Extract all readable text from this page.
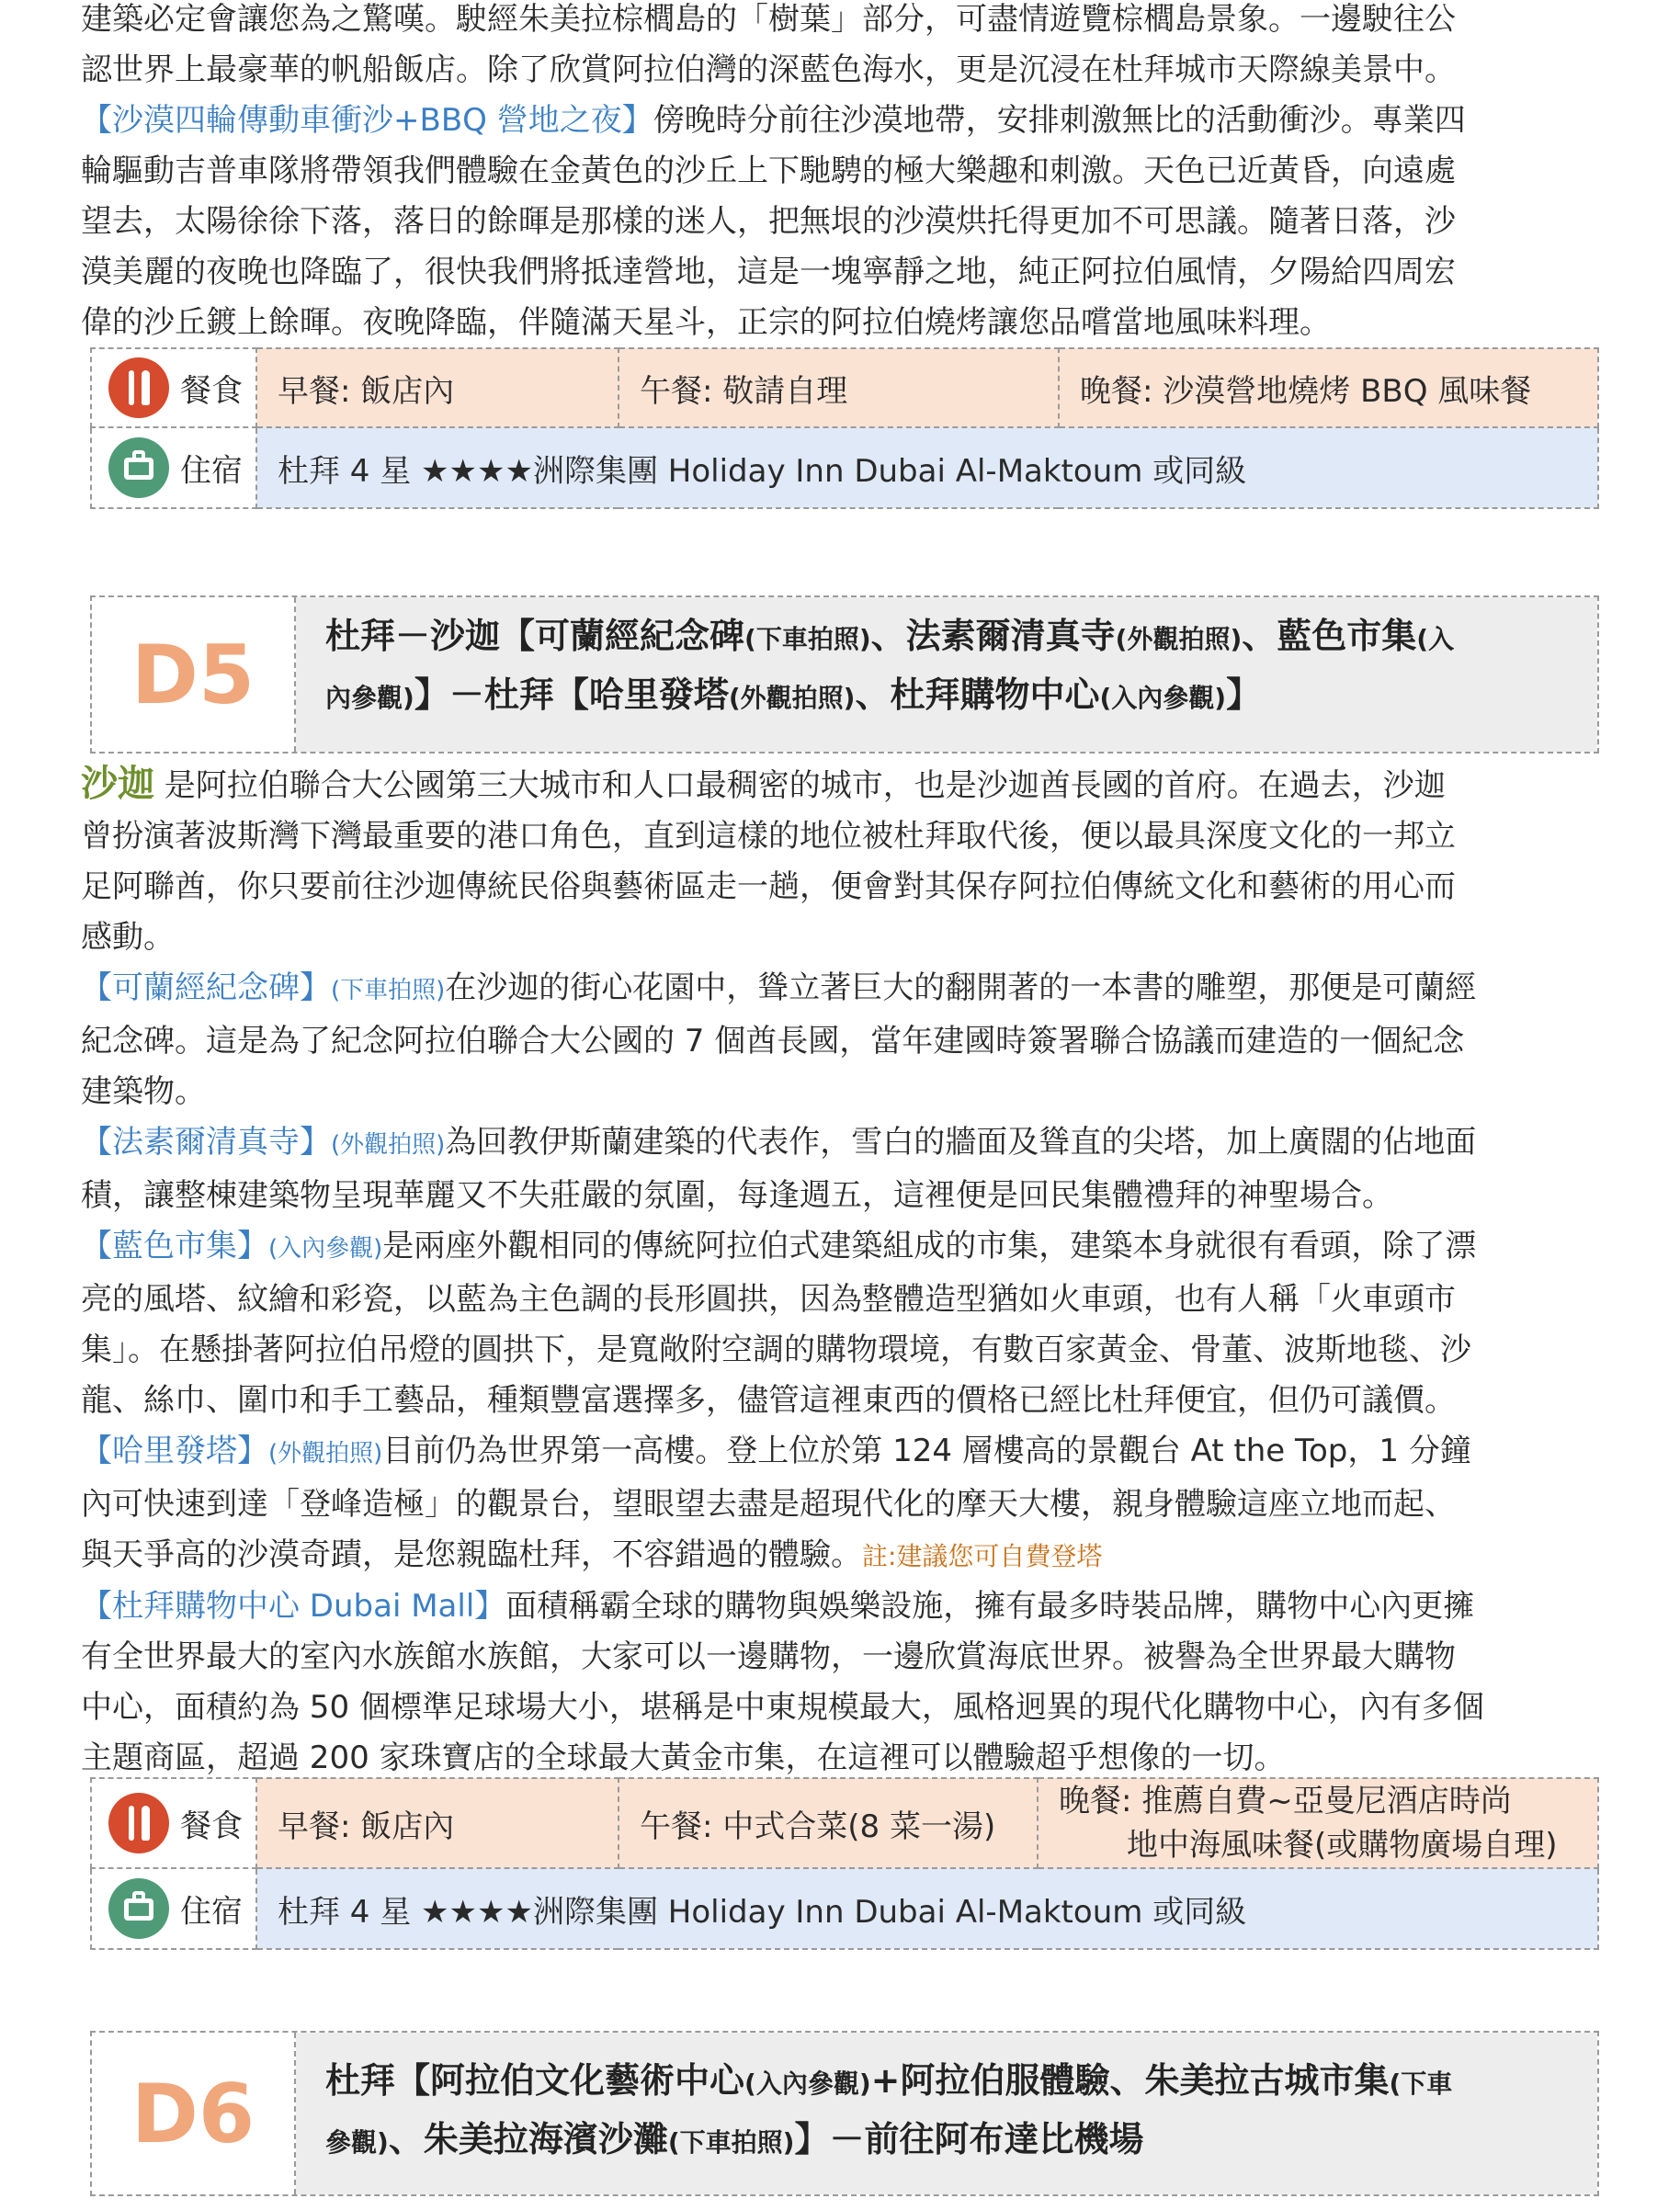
建築必定會讓您為之驚嘆。駛經朱美拉棕櫚島的「樹葉」部分，可盡情遊覽棕櫚島景象。一邊駛往公
認世界上最豪華的帆船飯店。除了欣賞阿拉伯灣的深藍色海水，更是沉浸在杜拜城市天際線美景中。
【沙漠四輪傳動車衝沙+BBQ 營地之夜】傍晚時分前往沙漠地帶，安排刺激無比的活動衝沙。專業四
輪驅動吉普車隊將帶領我們體驗在金黃色的沙丘上下馳騁的極大樂趣和刺激。天色已近黃昏，向遠處
望去，太陽徐徐下落，落日的餘暉是那樣的迷人，把無垠的沙漠烘托得更加不可思議。隨著日落，沙
漠美麗的夜晚也降臨了，很快我們將抵達營地，這是一塊寧靜之地，純正阿拉伯風情，夕陽給四周宏
偉的沙丘鍍上餘暉。夜晚降臨，伴隨滿天星斗，正宗的阿拉伯燒烤讓您品嚐當地風味料理。
餐食	早餐: 飯店內	午餐: 敬請自理	晚餐: 沙漠營地燒烤 BBQ 風味餐
住宿	杜拜 4 星 ★★★★洲際集團 Holiday Inn Dubai Al-Maktoum 或同級		
D5	杜拜－沙迦【可蘭經紀念碑(下車拍照)、法素爾清真寺(外觀拍照)、藍色市集(入
內參觀)】－杜拜【哈里發塔(外觀拍照)、杜拜購物中心(入內參觀)】
沙迦 是阿拉伯聯合大公國第三大城市和人口最稠密的城市，也是沙迦酋長國的首府。在過去，沙迦
曾扮演著波斯灣下灣最重要的港口角色，直到這樣的地位被杜拜取代後，便以最具深度文化的一邦立
足阿聯酋，你只要前往沙迦傳統民俗與藝術區走一趟，便會對其保存阿拉伯傳統文化和藝術的用心而
感動。
【可蘭經紀念碑】(下車拍照)在沙迦的街心花園中，聳立著巨大的翻開著的一本書的雕塑，那便是可蘭經
紀念碑。這是為了紀念阿拉伯聯合大公國的 7 個酋長國，當年建國時簽署聯合協議而建造的一個紀念
建築物。
【法素爾清真寺】(外觀拍照)為回教伊斯蘭建築的代表作，雪白的牆面及聳直的尖塔，加上廣闊的佔地面
積，讓整棟建築物呈現華麗又不失莊嚴的氛圍，每逢週五，這裡便是回民集體禮拜的神聖場合。
【藍色市集】(入內參觀)是兩座外觀相同的傳統阿拉伯式建築組成的市集，建築本身就很有看頭，除了漂
亮的風塔、紋繪和彩瓷，以藍為主色調的長形圓拱，因為整體造型猶如火車頭，也有人稱「火車頭市
集」。在懸掛著阿拉伯吊燈的圓拱下，是寬敞附空調的購物環境，有數百家黃金、骨董、波斯地毯、沙
龍、絲巾、圍巾和手工藝品，種類豐富選擇多，儘管這裡東西的價格已經比杜拜便宜，但仍可議價。
【哈里發塔】(外觀拍照)目前仍為世界第一高樓。登上位於第 124 層樓高的景觀台 At the Top，1 分鐘
內可快速到達「登峰造極」的觀景台，望眼望去盡是超現代化的摩天大樓，親身體驗這座立地而起、
與天爭高的沙漠奇蹟，是您親臨杜拜，不容錯過的體驗。註:建議您可自費登塔
【杜拜購物中心 Dubai Mall】面積稱霸全球的購物與娛樂設施，擁有最多時裝品牌，購物中心內更擁
有全世界最大的室內水族館水族館，大家可以一邊購物，一邊欣賞海底世界。被譽為全世界最大購物
中心，面積約為 50 個標準足球場大小，堪稱是中東規模最大，風格迥異的現代化購物中心，內有多個
主題商區，超過 200 家珠寶店的全球最大黃金市集，在這裡可以體驗超乎想像的一切。
餐食	早餐: 飯店內	午餐: 中式合菜(8 菜一湯)	晚餐: 推薦自費~亞曼尼酒店時尚
地中海風味餐(或購物廣場自理)

住宿	杜拜 4 星 ★★★★洲際集團 Holiday Inn Dubai Al-Maktoum 或同級		
D6	杜拜【阿拉伯文化藝術中心(入內參觀)+阿拉伯服體驗、朱美拉古城市集(下車
參觀)、朱美拉海濱沙灘(下車拍照)】－前往阿布達比機場
